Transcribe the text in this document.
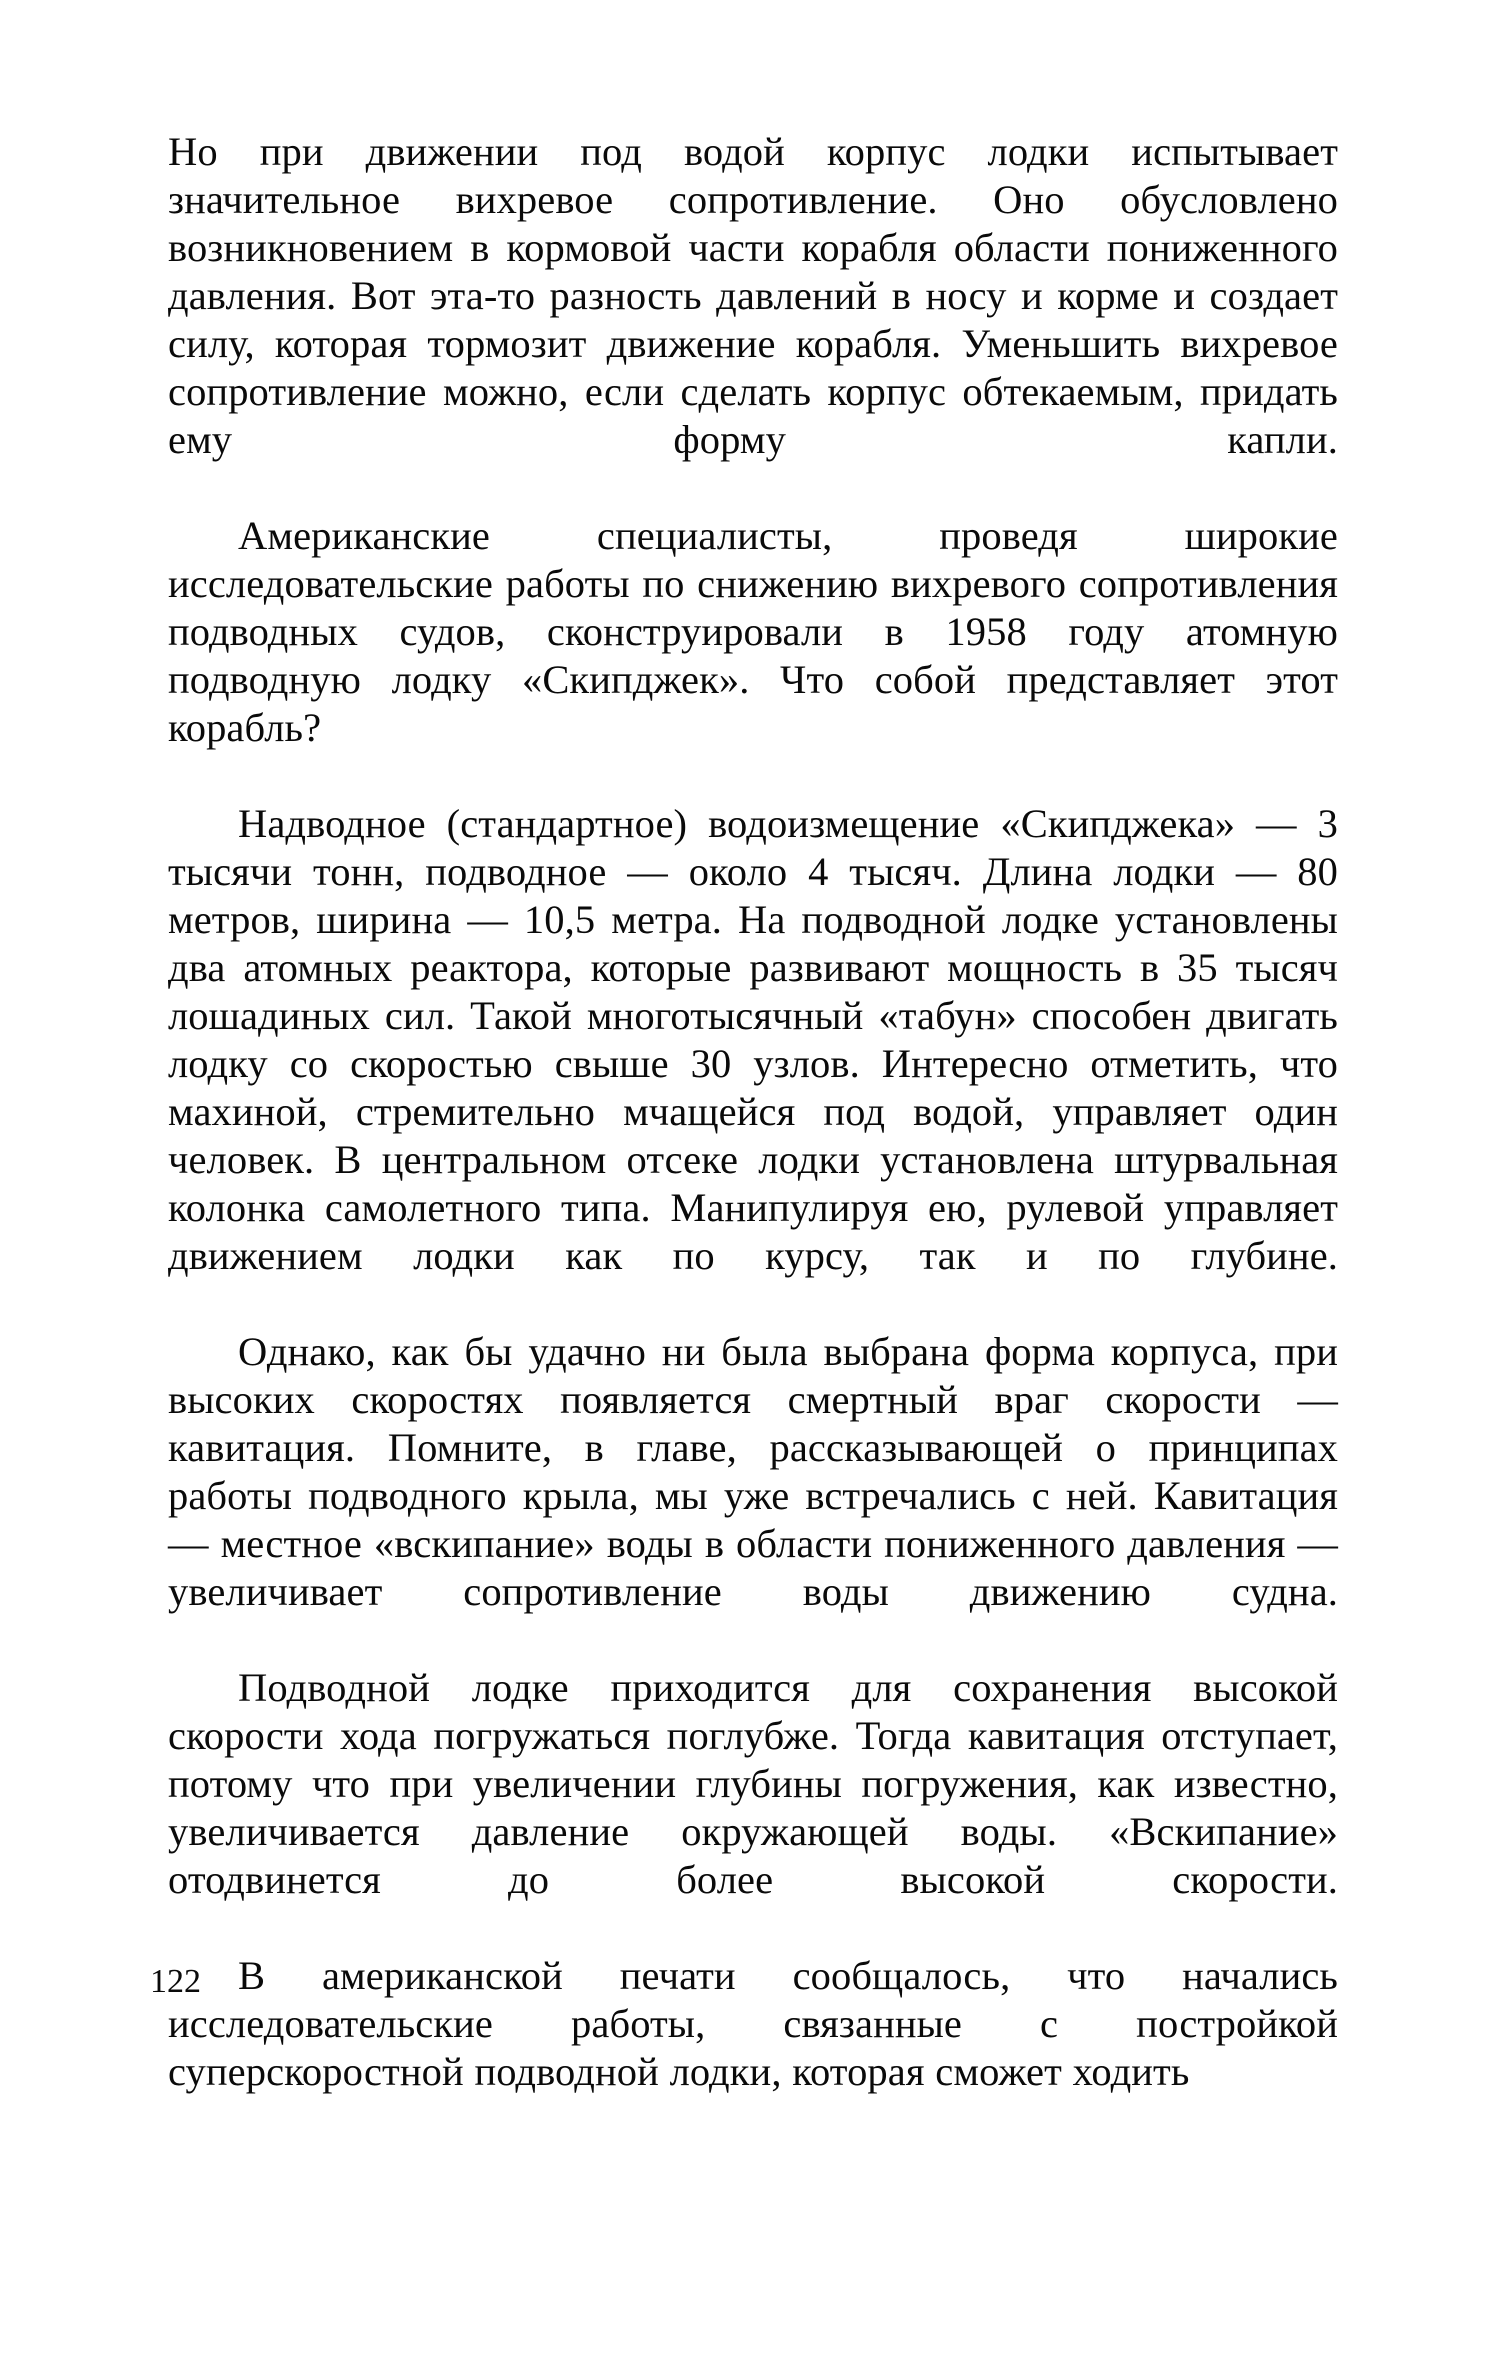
Но при движении под водой корпус лодки испытывает значительное вихревое сопротивление. Оно обусловлено возникновением в кормовой части корабля области пониженного давления. Вот эта-то разность давлений в носу и корме и создает силу, которая тормозит движение корабля. Уменьшить вихревое сопротивление можно, если сделать корпус обтекаемым, придать ему форму капли.

Американские специалисты, проведя широкие исследовательские работы по снижению вихревого сопротивления подводных судов, сконструировали в 1958 году атомную подводную лодку «Скипджек». Что собой представляет этот корабль?

Надводное (стандартное) водоизмещение «Скипджека» — 3 тысячи тонн, подводное — около 4 тысяч. Длина лодки — 80 метров, ширина — 10,5 метра. На подводной лодке установлены два атомных реактора, которые развивают мощность в 35 тысяч лошадиных сил. Такой многотысячный «табун» способен двигать лодку со скоростью свыше 30 узлов. Интересно отметить, что махиной, стремительно мчащейся под водой, управляет один человек. В центральном отсеке лодки установлена штурвальная колонка самолетного типа. Манипулируя ею, рулевой управляет движением лодки как по курсу, так и по глубине.

Однако, как бы удачно ни была выбрана форма корпуса, при высоких скоростях появляется смертный враг скорости — кавитация. Помните, в главе, рассказывающей о принципах работы подводного крыла, мы уже встречались с ней. Кавитация — местное «вскипание» воды в области пониженного давления — увеличивает сопротивление воды движению судна.

Подводной лодке приходится для сохранения высокой скорости хода погружаться поглубже. Тогда кавитация отступает, потому что при увеличении глубины погружения, как известно, увеличивается давление окружающей воды. «Вскипание» отодвинется до более высокой скорости.

В американской печати сообщалось, что начались исследовательские работы, связанные с постройкой суперскоростной подводной лодки, которая сможет ходить

122
